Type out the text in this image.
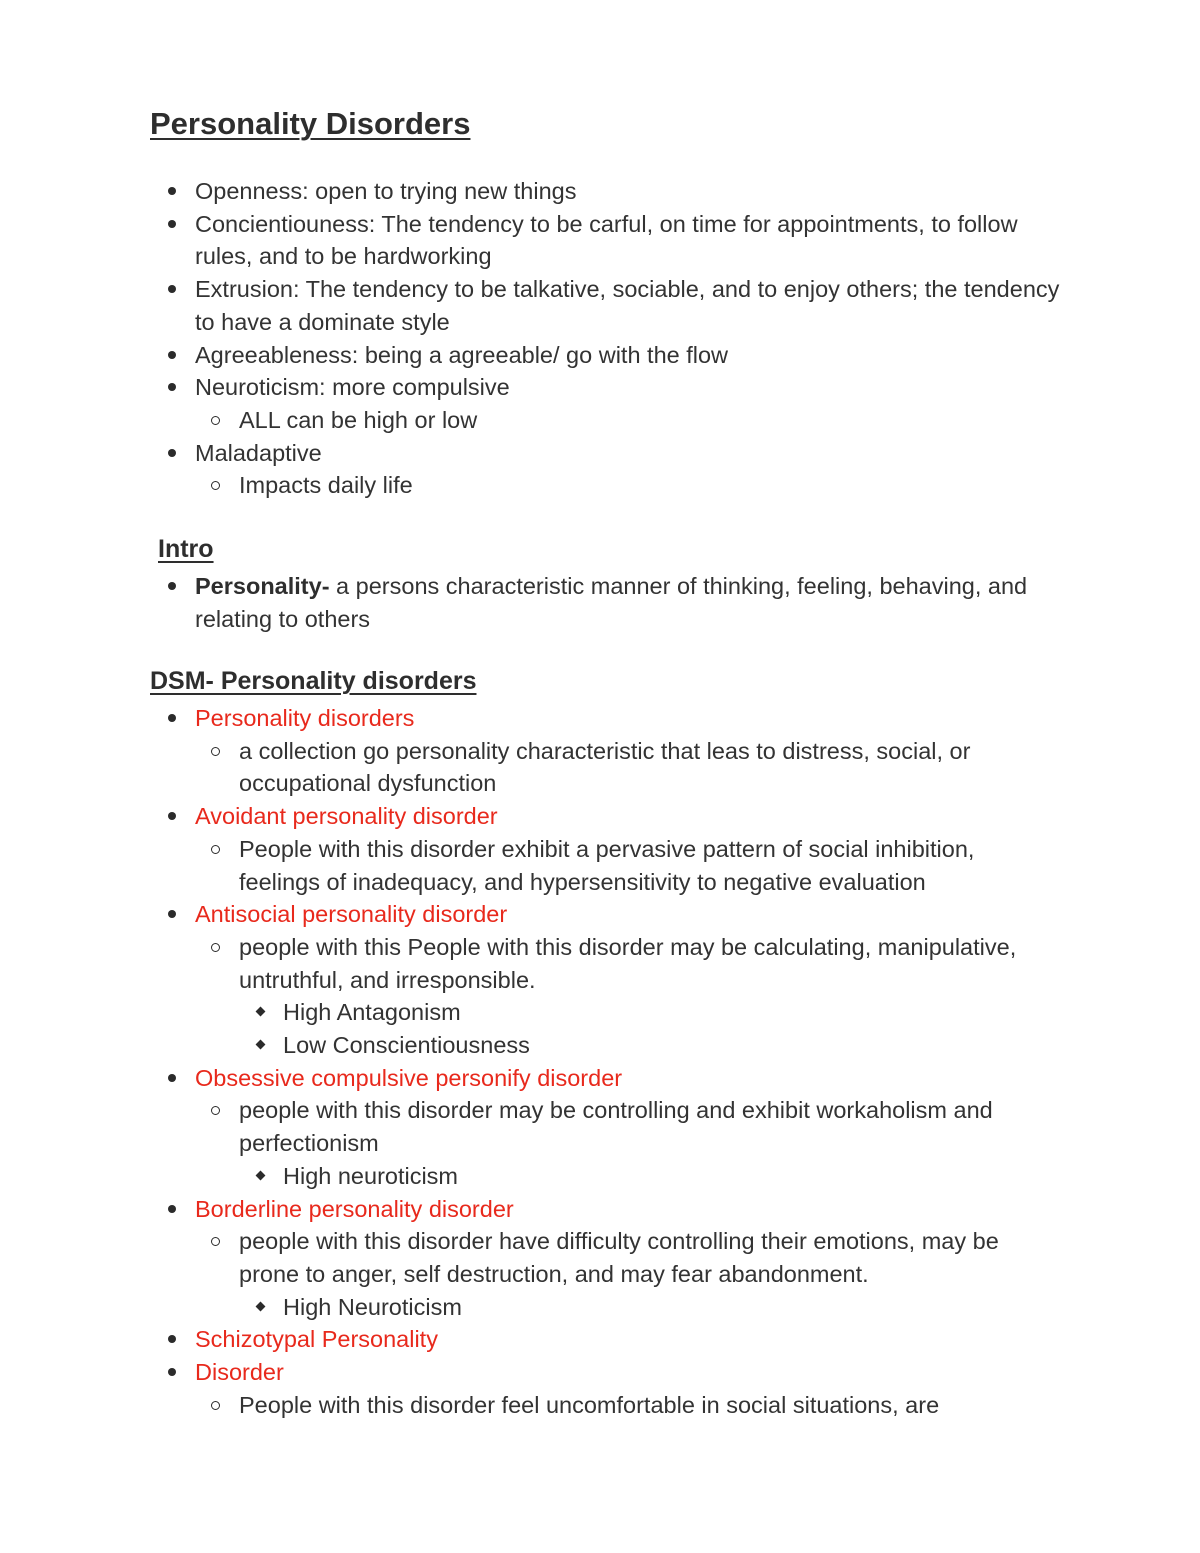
Personality Disorders
Openness: open to trying new things
Concientiouness: The tendency to be carful, on time for appointments, to follow rules, and to be hardworking
Extrusion: The tendency to be talkative, sociable, and to enjoy others; the tendency to have a dominate style
Agreeableness: being a agreeable/ go with the flow
Neuroticism: more compulsive
ALL can be high or low
Maladaptive
Impacts daily life
Intro
Personality- a persons characteristic manner of thinking, feeling, behaving, and relating to others
DSM- Personality disorders
Personality disorders
a collection go personality characteristic that leas to distress, social, or occupational dysfunction
Avoidant personality disorder
People with this disorder exhibit a pervasive pattern of social inhibition, feelings of inadequacy, and hypersensitivity to negative evaluation
Antisocial personality disorder
people with this People with this disorder may be calculating, manipulative, untruthful, and irresponsible.
High Antagonism
Low Conscientiousness
Obsessive compulsive personify disorder
people with this disorder may be controlling and exhibit workaholism and perfectionism
High neuroticism
Borderline personality disorder
people with this disorder have difficulty controlling their emotions, may be prone to anger, self destruction, and may fear abandonment.
High Neuroticism
Schizotypal Personality
Disorder
People with this disorder feel uncomfortable in social situations, are
